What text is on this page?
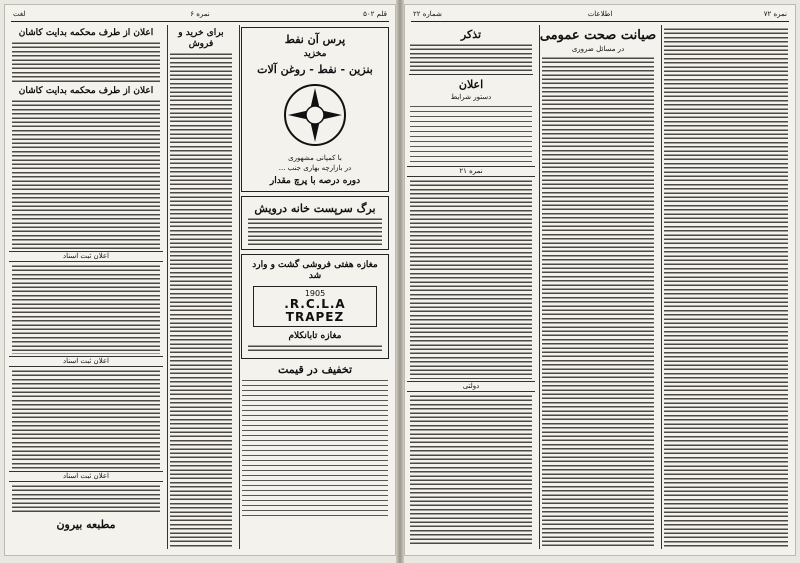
قلم ۵۰۲
نمره ۶
لغت
پرس آن نفط
مخزید
بنزین - نفط - روغن آلات
با كمپانى مشهورى
در بازارچه بهارى جنب ...
دوره درصه با پرچ مقدار
برگ سرپست خانه درویش
مغازه هفتی فروشی گشت و وارد شد
1905
R.C.L.A.
TRAPEZ
مغازه تابانکلام
تخفیف در قیمت
برای خرید و فروش
اعلان از طرف محکمه بدایت کاشان
اعلان از طرف محکمه بدایت کاشان
اعلان ثبت اسناد
اعلان ثبت اسناد
اعلان ثبت اسناد
مطبعه بیرون
نمره ۷۲
اطلاعات
شماره ۲۲
صیانت صحت عمومی
در مسائل ضروری
تذکر
اعلان
دستور شرایط
نمره ۲۱
دولتی
